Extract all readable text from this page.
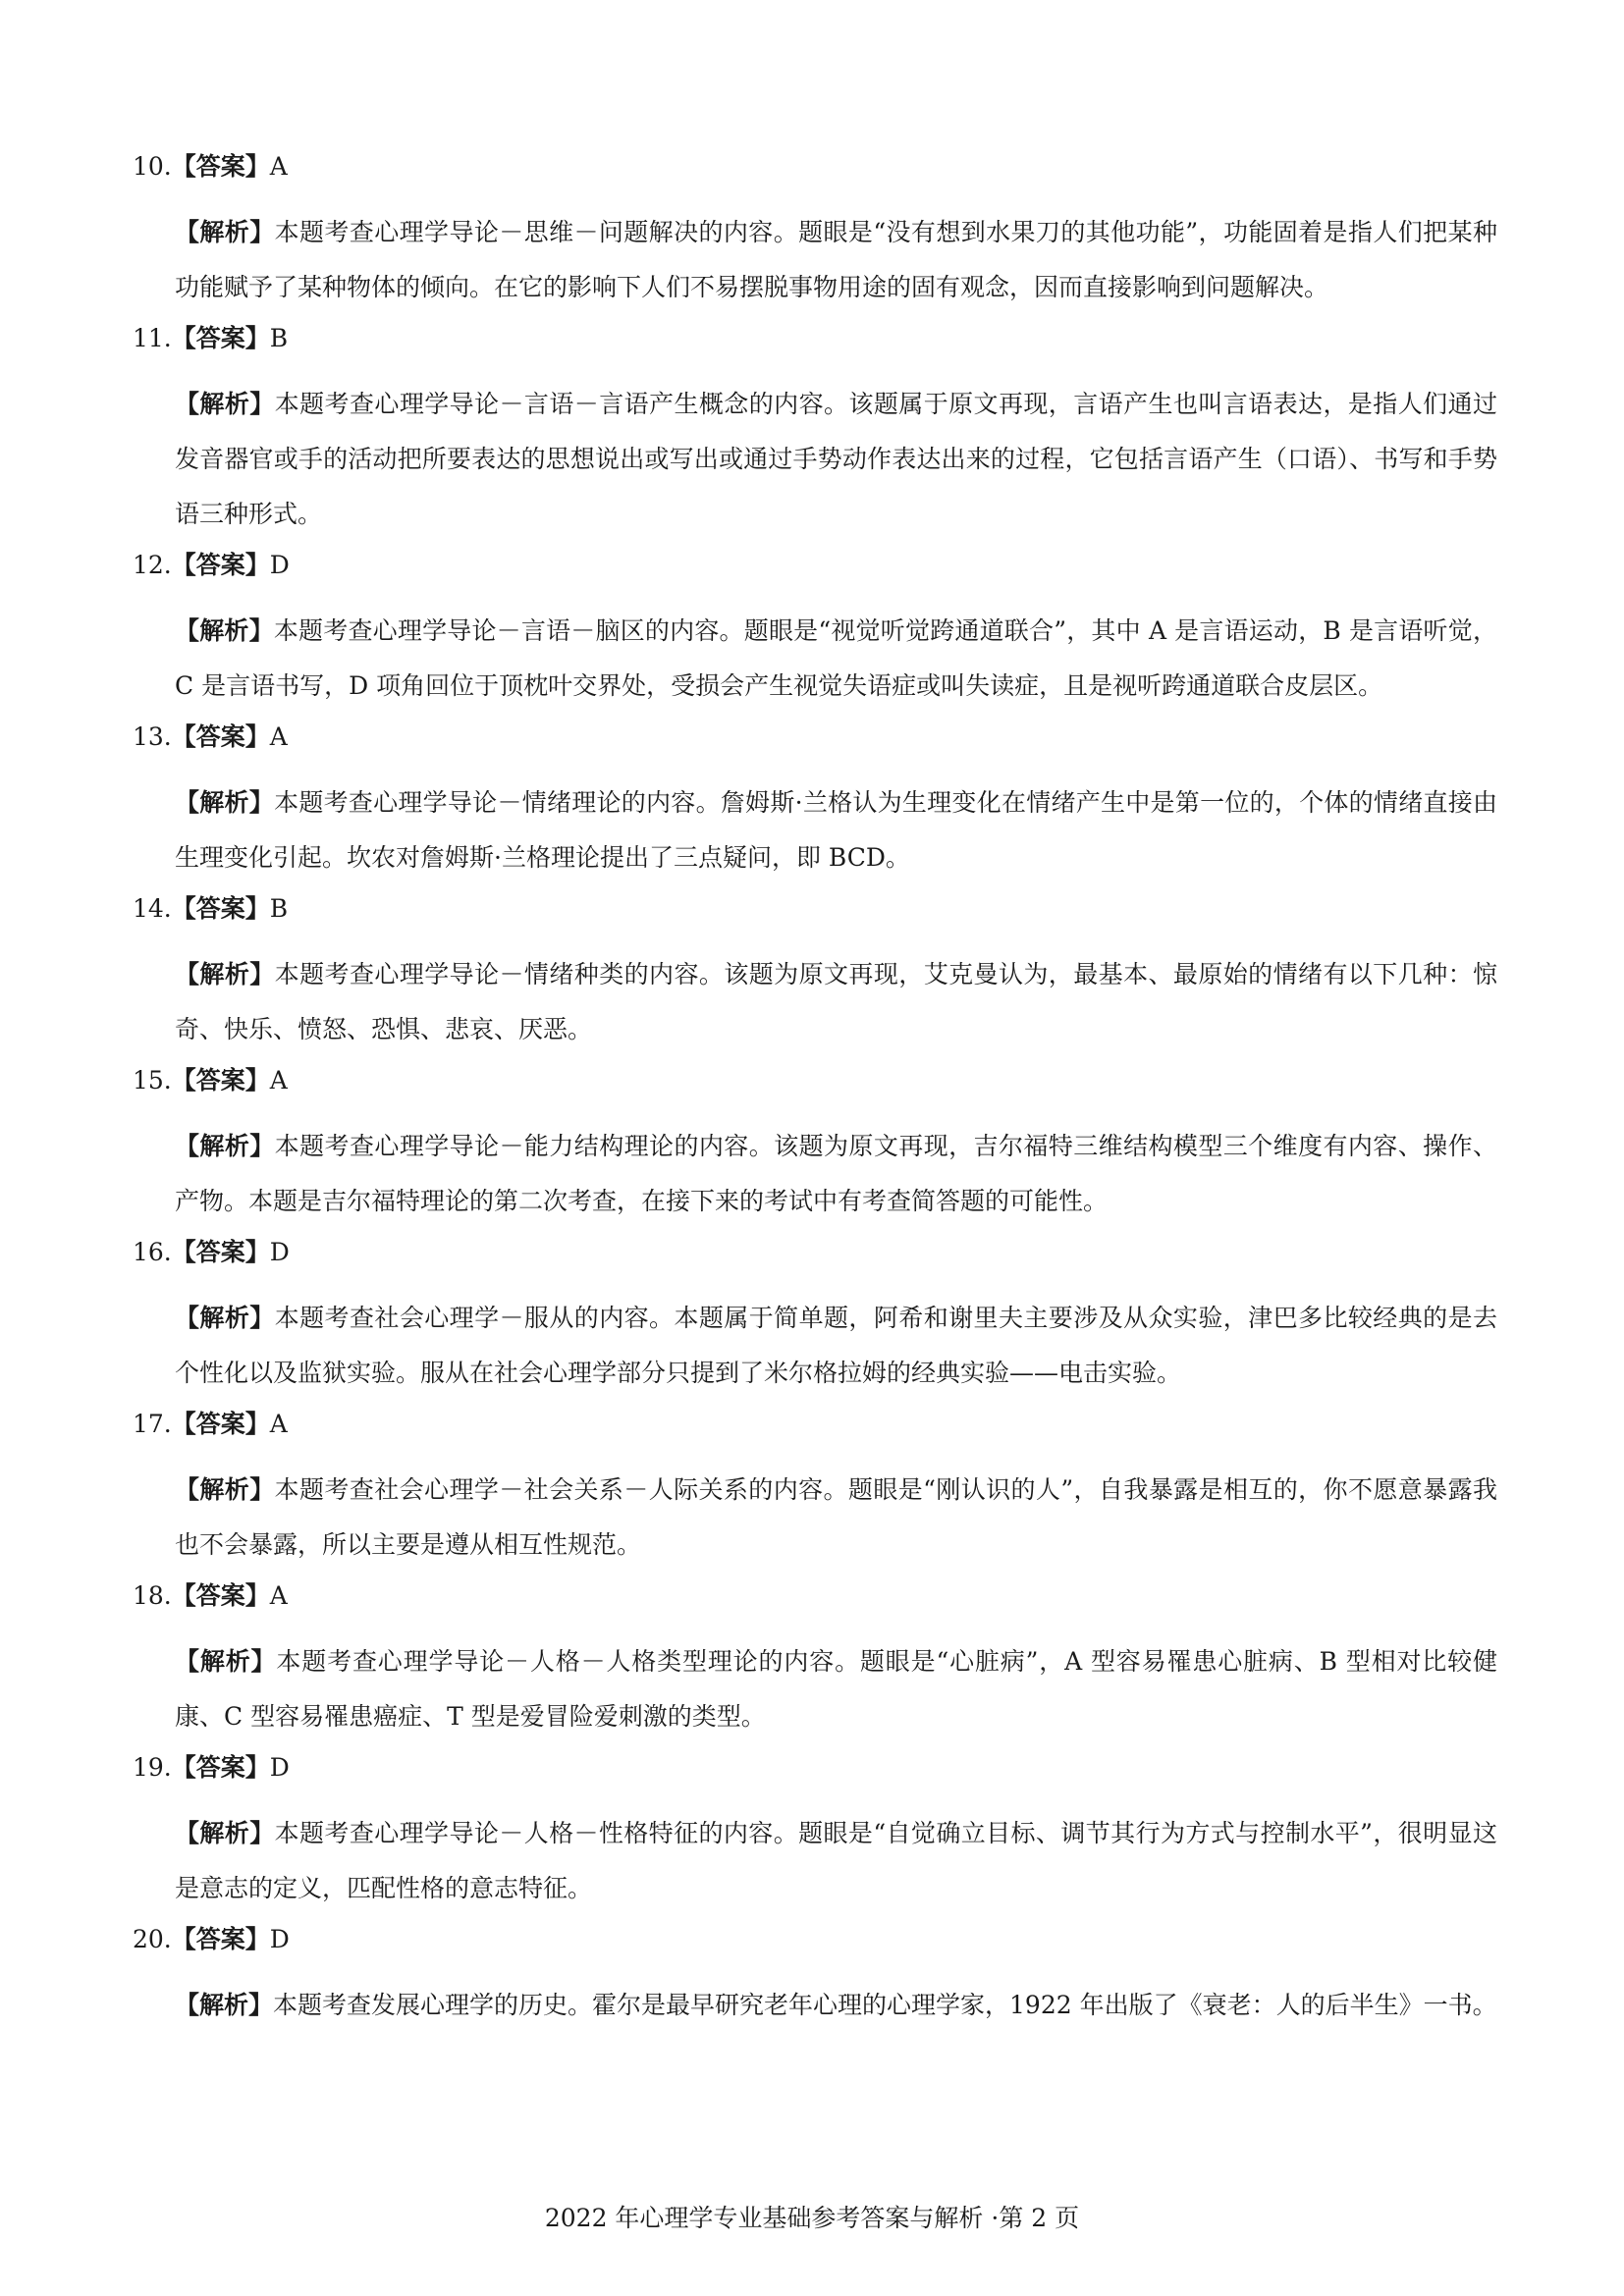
10.【答案】A
【解析】本题考查心理学导论－思维－问题解决的内容。题眼是“没有想到水果刀的其他功能”，功能固着是指人们把某种功能赋予了某种物体的倾向。在它的影响下人们不易摆脱事物用途的固有观念，因而直接影响到问题解决。
11.【答案】B
【解析】本题考查心理学导论－言语－言语产生概念的内容。该题属于原文再现，言语产生也叫言语表达，是指人们通过发音器官或手的活动把所要表达的思想说出或写出或通过手势动作表达出来的过程，它包括言语产生（口语）、书写和手势语三种形式。
12.【答案】D
【解析】本题考查心理学导论－言语－脑区的内容。题眼是“视觉听觉跨通道联合”，其中 A 是言语运动，B 是言语听觉，C 是言语书写，D 项角回位于顶枕叶交界处，受损会产生视觉失语症或叫失读症，且是视听跨通道联合皮层区。
13.【答案】A
【解析】本题考查心理学导论－情绪理论的内容。詹姆斯·兰格认为生理变化在情绪产生中是第一位的，个体的情绪直接由生理变化引起。坎农对詹姆斯·兰格理论提出了三点疑问，即 BCD。
14.【答案】B
【解析】本题考查心理学导论－情绪种类的内容。该题为原文再现，艾克曼认为，最基本、最原始的情绪有以下几种：惊奇、快乐、愤怒、恐惧、悲哀、厌恶。
15.【答案】A
【解析】本题考查心理学导论－能力结构理论的内容。该题为原文再现，吉尔福特三维结构模型三个维度有内容、操作、产物。本题是吉尔福特理论的第二次考查，在接下来的考试中有考查简答题的可能性。
16.【答案】D
【解析】本题考查社会心理学－服从的内容。本题属于简单题，阿希和谢里夫主要涉及从众实验，津巴多比较经典的是去个性化以及监狱实验。服从在社会心理学部分只提到了米尔格拉姆的经典实验——电击实验。
17.【答案】A
【解析】本题考查社会心理学－社会关系－人际关系的内容。题眼是“刚认识的人”，自我暴露是相互的，你不愿意暴露我也不会暴露，所以主要是遵从相互性规范。
18.【答案】A
【解析】本题考查心理学导论－人格－人格类型理论的内容。题眼是“心脏病”，A 型容易罹患心脏病、B 型相对比较健康、C 型容易罹患癌症、T 型是爱冒险爱刺激的类型。
19.【答案】D
【解析】本题考查心理学导论－人格－性格特征的内容。题眼是“自觉确立目标、调节其行为方式与控制水平”，很明显这是意志的定义，匹配性格的意志特征。
20.【答案】D
【解析】本题考查发展心理学的历史。霍尔是最早研究老年心理的心理学家，1922 年出版了《衰老：人的后半生》一书。
2022 年心理学专业基础参考答案与解析 ·第 2 页
